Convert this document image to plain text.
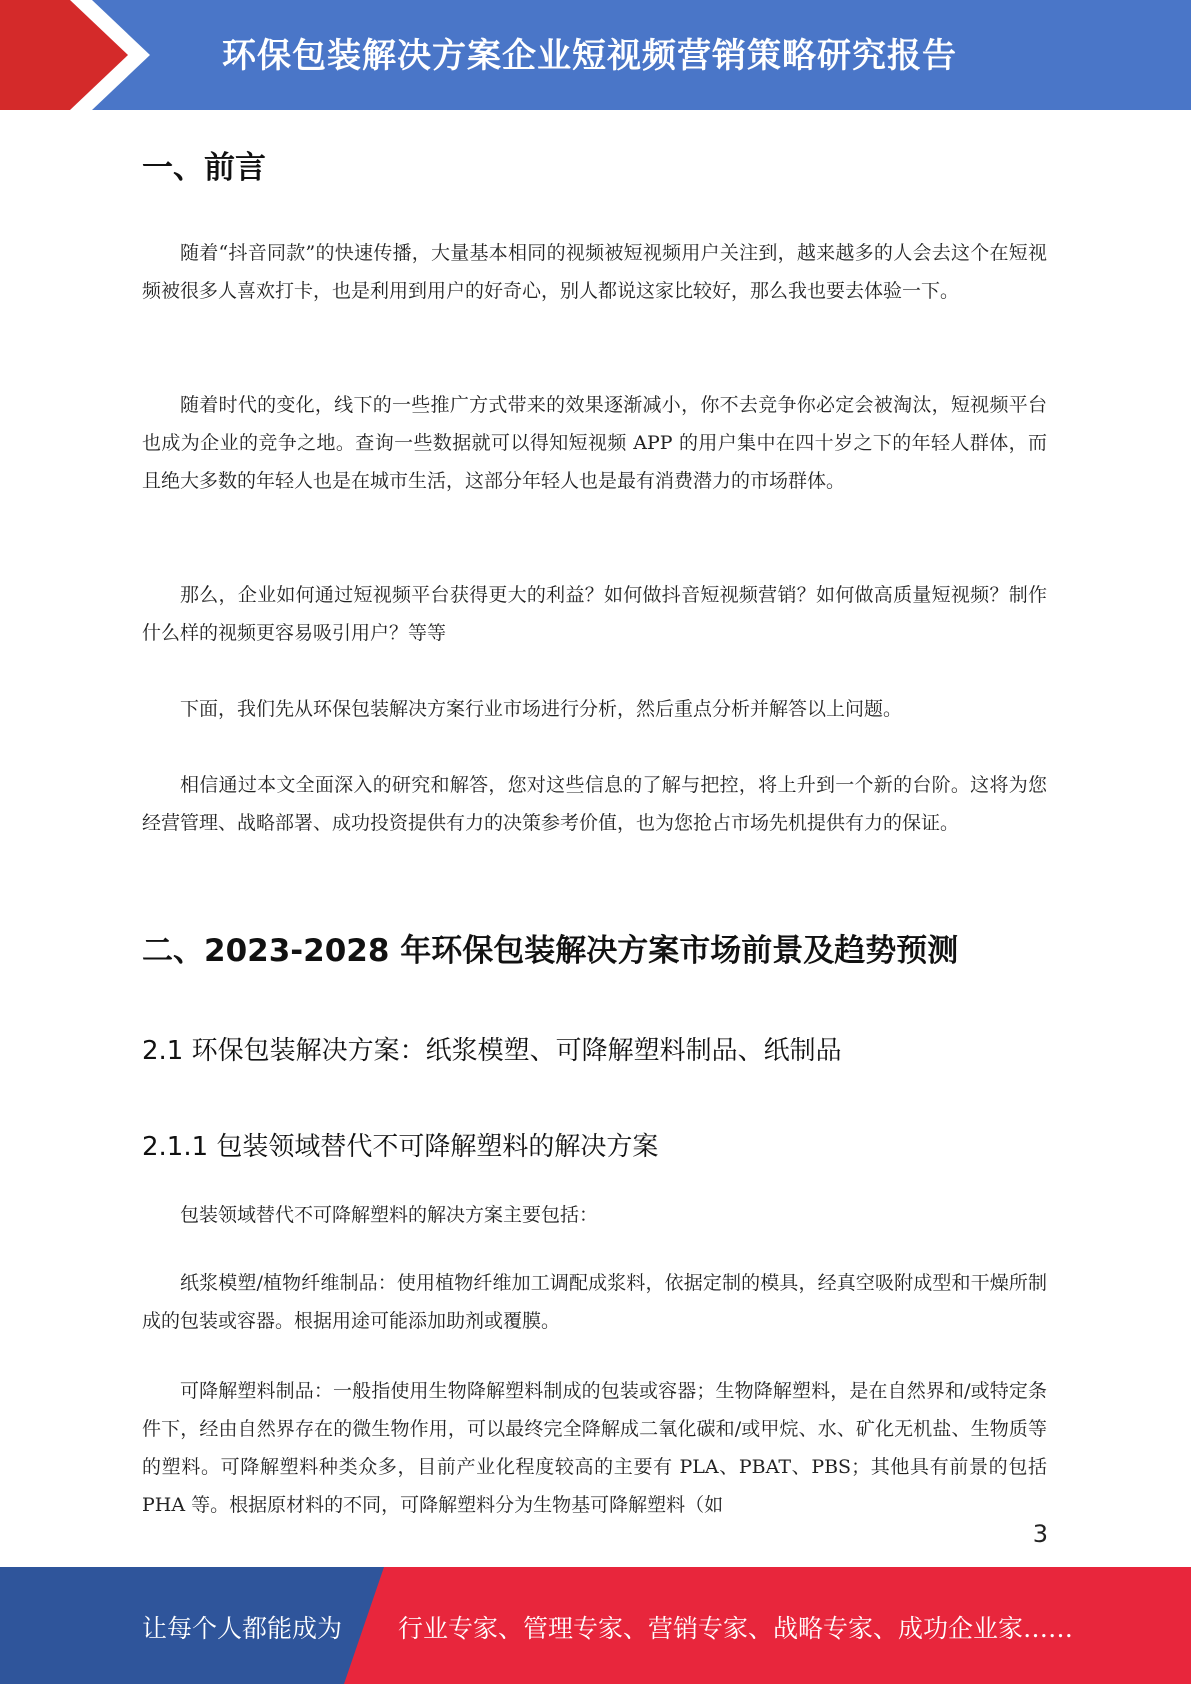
环保包装解决方案企业短视频营销策略研究报告
一、前言

随着“抖音同款”的快速传播，大量基本相同的视频被短视频用户关注到，越来越多的人会去这个在短视频被很多人喜欢打卡，也是利用到用户的好奇心，别人都说这家比较好，那么我也要去体验一下。

随着时代的变化，线下的一些推广方式带来的效果逐渐减小，你不去竞争你必定会被淘汰，短视频平台也成为企业的竞争之地。查询一些数据就可以得知短视频 APP 的用户集中在四十岁之下的年轻人群体，而且绝大多数的年轻人也是在城市生活，这部分年轻人也是最有消费潜力的市场群体。

那么，企业如何通过短视频平台获得更大的利益？如何做抖音短视频营销？如何做高质量短视频？制作什么样的视频更容易吸引用户？等等

下面，我们先从环保包装解决方案行业市场进行分析，然后重点分析并解答以上问题。

相信通过本文全面深入的研究和解答，您对这些信息的了解与把控，将上升到一个新的台阶。这将为您经营管理、战略部署、成功投资提供有力的决策参考价值，也为您抢占市场先机提供有力的保证。

二、2023-2028 年环保包装解决方案市场前景及趋势预测
2.1 环保包装解决方案：纸浆模塑、可降解塑料制品、纸制品
2.1.1 包装领域替代不可降解塑料的解决方案

包装领域替代不可降解塑料的解决方案主要包括：

纸浆模塑/植物纤维制品：使用植物纤维加工调配成浆料，依据定制的模具，经真空吸附成型和干燥所制成的包装或容器。根据用途可能添加助剂或覆膜。

可降解塑料制品：一般指使用生物降解塑料制成的包装或容器；生物降解塑料，是在自然界和/或特定条件下，经由自然界存在的微生物作用，可以最终完全降解成二氧化碳和/或甲烷、水、矿化无机盐、生物质等的塑料。可降解塑料种类众多，目前产业化程度较高的主要有 PLA、PBAT、PBS；其他具有前景的包括 PHA 等。根据原材料的不同，可降解塑料分为生物基可降解塑料（如

3
让每个人都能成为 行业专家、管理专家、营销专家、战略专家、成功企业家……
